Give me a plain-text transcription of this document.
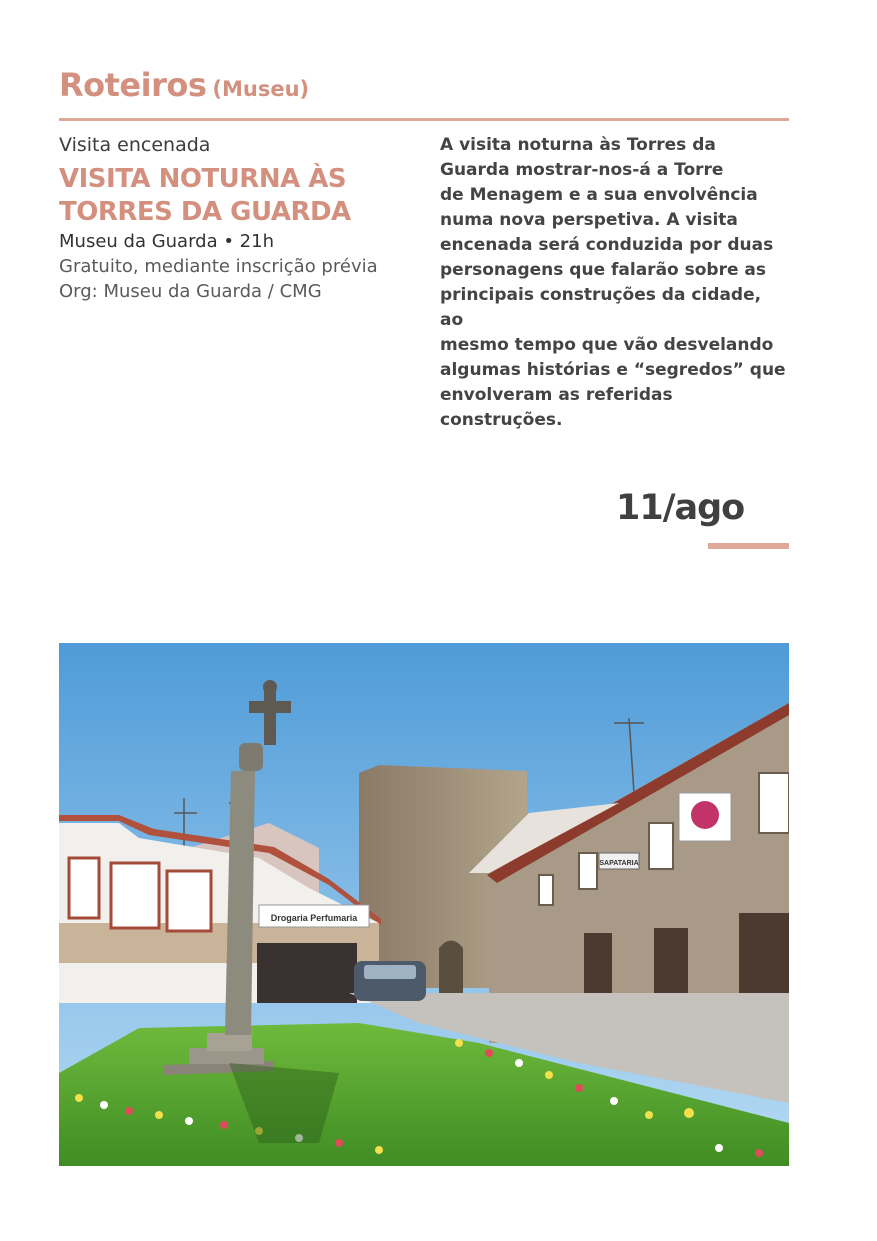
Roteiros (Museu)
Visita encenada
VISITA NOTURNA ÀS
TORRES DA GUARDA
Museu da Guarda • 21h
Gratuito, mediante inscrição prévia
Org: Museu da Guarda / CMG
A visita noturna às Torres da
Guarda mostrar-nos-á a Torre
de Menagem e a sua envolvência
numa nova perspetiva. A visita
encenada será conduzida por duas
personagens que falarão sobre as
principais construções da cidade, ao
mesmo tempo que vão desvelando
algumas histórias e “segredos” que
envolveram as referidas construções.
11/ago
Drogaria Perfumaria
SAPATARIA
